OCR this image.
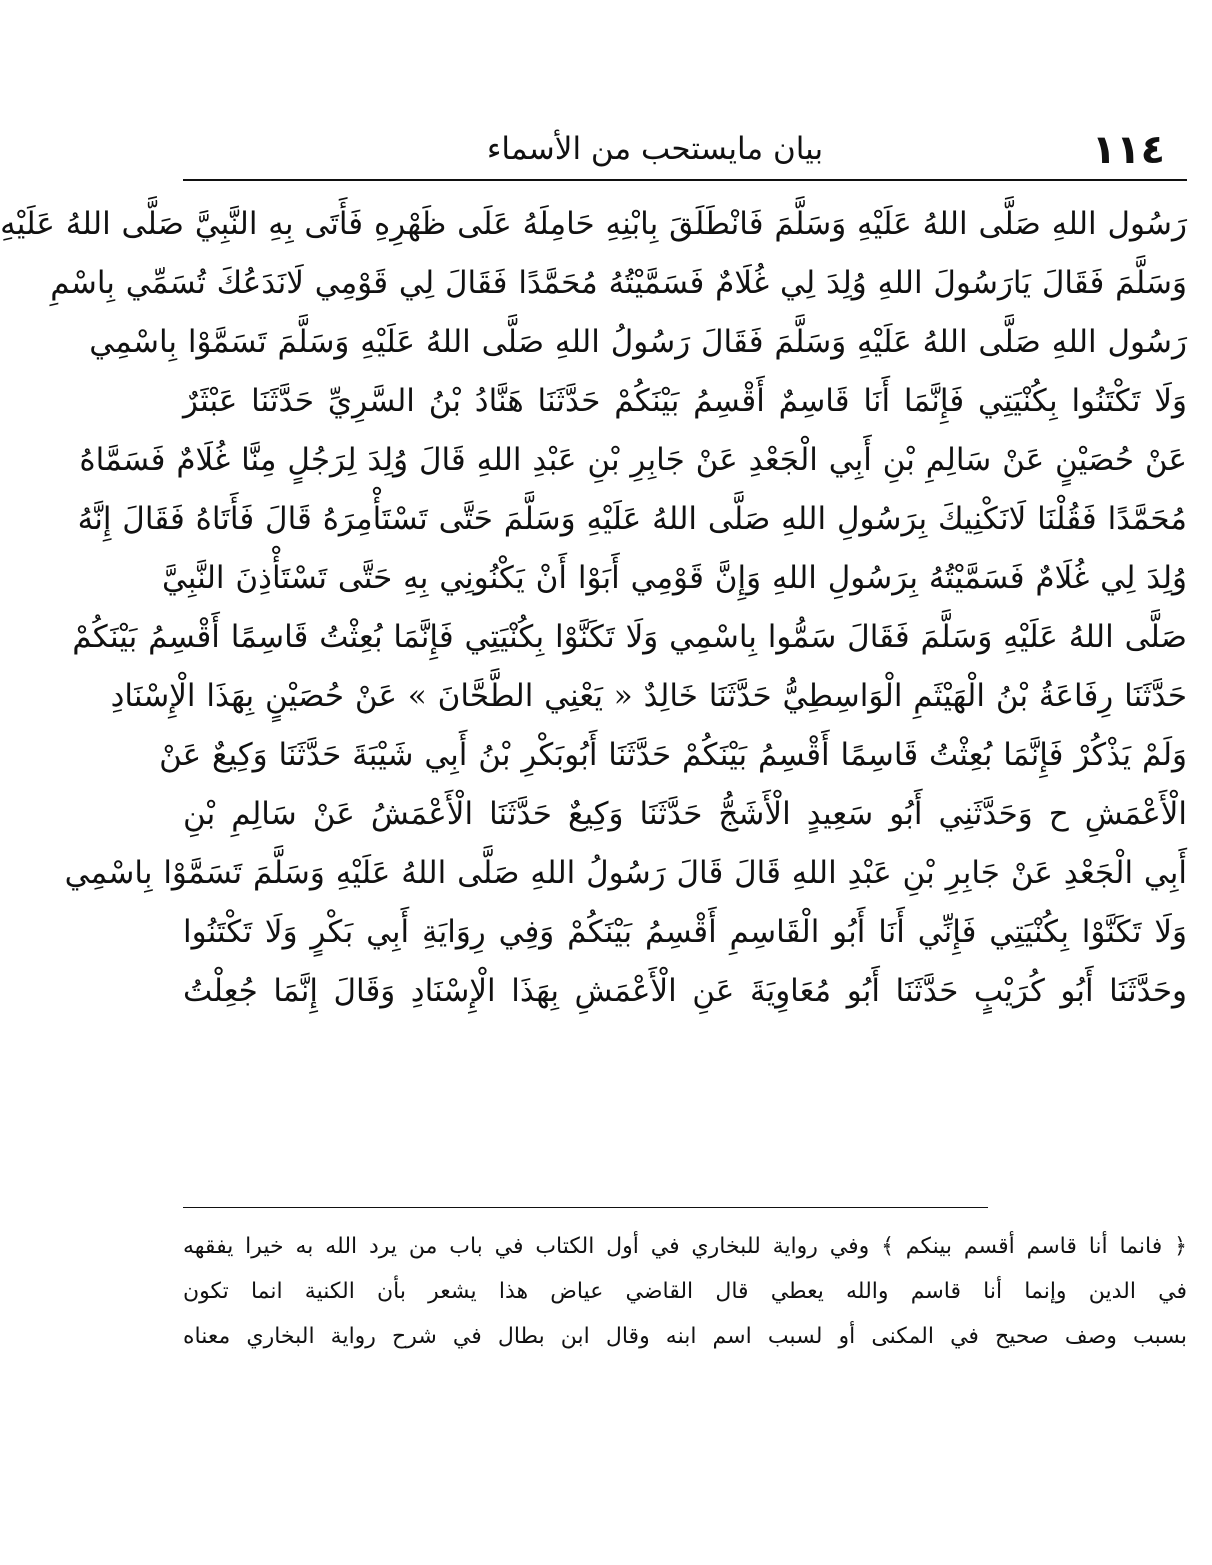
١١٤
بيان مايستحب من الأسماء
رَسُول اللهِ صَلَّى اللهُ عَلَيْهِ وَسَلَّمَ فَانْطَلَقَ بِابْنِهِ حَامِلَهُ عَلَى ظَهْرِهِ فَأَتَى بِهِ النَّبِيَّ صَلَّى اللهُ عَلَيْهِ
وَسَلَّمَ فَقَالَ يَارَسُولَ اللهِ وُلِدَ لِي غُلَامٌ فَسَمَّيْتُهُ مُحَمَّدًا فَقَالَ لِي قَوْمِي لَانَدَعُكَ تُسَمِّي بِاسْمِ
رَسُول اللهِ صَلَّى اللهُ عَلَيْهِ وَسَلَّمَ فَقَالَ رَسُولُ اللهِ صَلَّى اللهُ عَلَيْهِ وَسَلَّمَ تَسَمَّوْا بِاسْمِي
وَلَا تَكْتَنُوا بِكُنْيَتِي فَإِنَّمَا أَنَا قَاسِمٌ أَقْسِمُ بَيْنَكُمْ حَدَّثَنَا هَنَّادُ بْنُ السَّرِيِّ حَدَّثَنَا عَبْثَرٌ
عَنْ حُصَيْنٍ عَنْ سَالِمِ بْنِ أَبِي الْجَعْدِ عَنْ جَابِرِ بْنِ عَبْدِ اللهِ قَالَ وُلِدَ لِرَجُلٍ مِنَّا غُلَامٌ فَسَمَّاهُ
مُحَمَّدًا فَقُلْنَا لَانَكْنِيكَ بِرَسُولِ اللهِ صَلَّى اللهُ عَلَيْهِ وَسَلَّمَ حَتَّى تَسْتَأْمِرَهُ قَالَ فَأَتَاهُ فَقَالَ إِنَّهُ
وُلِدَ لِي غُلَامٌ فَسَمَّيْتُهُ بِرَسُولِ اللهِ وَإِنَّ قَوْمِي أَبَوْا أَنْ يَكْنُونِي بِهِ حَتَّى تَسْتَأْذِنَ النَّبِيَّ
صَلَّى اللهُ عَلَيْهِ وَسَلَّمَ فَقَالَ سَمُّوا بِاسْمِي وَلَا تَكَنَّوْا بِكُنْيَتِي فَإِنَّمَا بُعِثْتُ قَاسِمًا أَقْسِمُ بَيْنَكُمْ
حَدَّثَنَا رِفَاعَةُ بْنُ الْهَيْثَمِ الْوَاسِطِيُّ حَدَّثَنَا خَالِدٌ « يَعْنِي الطَّحَّانَ » عَنْ حُصَيْنٍ بِهَذَا الْإِسْنَادِ
وَلَمْ يَذْكُرْ فَإِنَّمَا بُعِثْتُ قَاسِمًا أَقْسِمُ بَيْنَكُمْ حَدَّثَنَا أَبُوبَكْرِ بْنُ أَبِي شَيْبَةَ حَدَّثَنَا وَكِيعٌ عَنْ
الْأَعْمَشِ ح وَحَدَّثَنِي أَبُو سَعِيدٍ الْأَشَجُّ حَدَّثَنَا وَكِيعٌ حَدَّثَنَا الْأَعْمَشُ عَنْ سَالِمِ بْنِ
أَبِي الْجَعْدِ عَنْ جَابِرِ بْنِ عَبْدِ اللهِ قَالَ قَالَ رَسُولُ اللهِ صَلَّى اللهُ عَلَيْهِ وَسَلَّمَ تَسَمَّوْا بِاسْمِي
وَلَا تَكَنَّوْا بِكُنْيَتِي فَإِنِّي أَنَا أَبُو الْقَاسِمِ أَقْسِمُ بَيْنَكُمْ وَفِي رِوَايَةِ أَبِي بَكْرٍ وَلَا تَكْتَنُوا
وحَدَّثَنَا أَبُو كُرَيْبٍ حَدَّثَنَا أَبُو مُعَاوِيَةَ عَنِ الْأَعْمَشِ بِهَذَا الْإِسْنَادِ وَقَالَ إِنَّمَا جُعِلْتُ
﴿ فانما أنا قاسم أقسم بينكم ﴾ وفي رواية للبخاري في أول الكتاب في باب من يرد الله به خيرا يفقهه
في الدين وإنما أنا قاسم والله يعطي قال القاضي عياض هذا يشعر بأن الكنية انما تكون
بسبب وصف صحيح في المكنى أو لسبب اسم ابنه وقال ابن بطال في شرح رواية البخاري معناه
